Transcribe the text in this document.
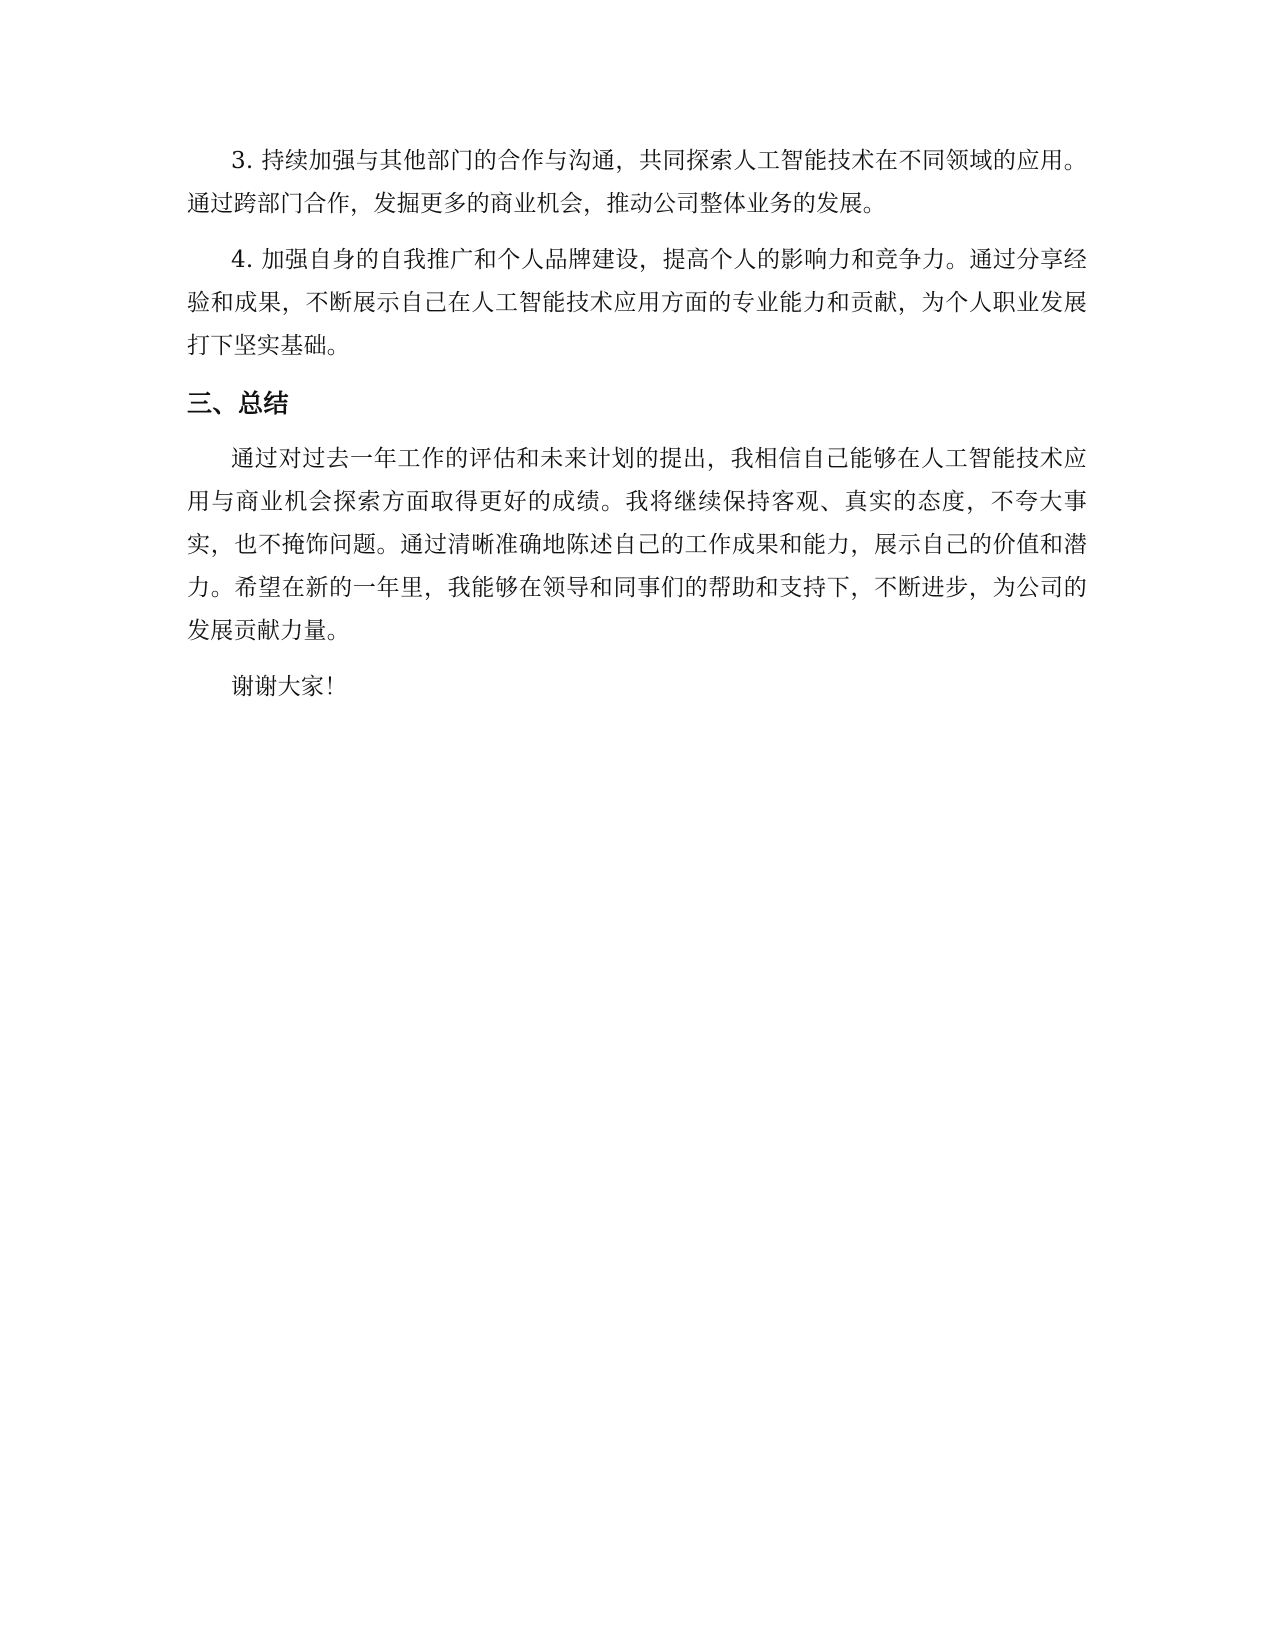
3. 持续加强与其他部门的合作与沟通，共同探索人工智能技术在不同领域的应用。通过跨部门合作，发掘更多的商业机会，推动公司整体业务的发展。

4. 加强自身的自我推广和个人品牌建设，提高个人的影响力和竞争力。通过分享经验和成果，不断展示自己在人工智能技术应用方面的专业能力和贡献，为个人职业发展打下坚实基础。

三、总结

通过对过去一年工作的评估和未来计划的提出，我相信自己能够在人工智能技术应用与商业机会探索方面取得更好的成绩。我将继续保持客观、真实的态度，不夸大事实，也不掩饰问题。通过清晰准确地陈述自己的工作成果和能力，展示自己的价值和潜力。希望在新的一年里，我能够在领导和同事们的帮助和支持下，不断进步，为公司的发展贡献力量。

谢谢大家！
